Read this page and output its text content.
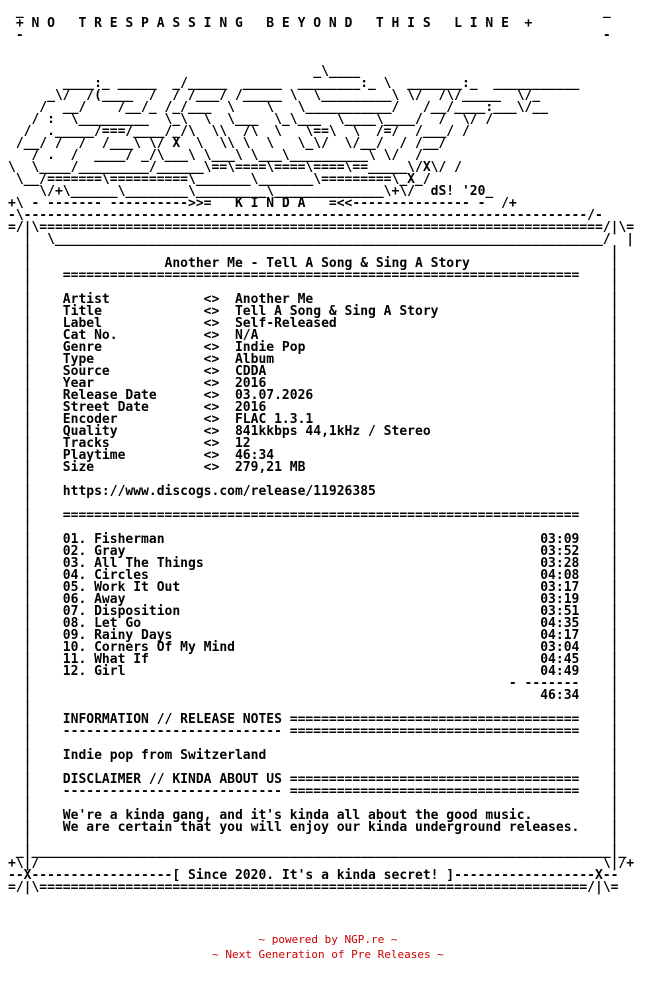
_                                                                          _
+ N O   T R E S P A S S I N G   B E Y O N D   T H I S   L I N E  +
-                                                                          -

_\____
____:_ _____  _/_____  _____  ________:_ \  _______:_  ___________
_\/  /(____  /  / /___/ /_____ \  \_________\ \/  /\/_____  \/_
/  __/    /__/_ /_/___  \    \   \___________/   /__/____:___\/__
/ :  \_________  \_\  \  \___  \_\___  \____\____/  /  \/ /
/  ._____/===/____/_/\  \\  /\  \   \==\  \  /=/  /___/ /
/__/ /  /  /___\ \/ X  \  \\ \  \   \_\/  \/__/  / /__/
/ .  /  ____/ _/\___\ \___\ \___\__________\ \/  /
\  \____/_________/______\==\====\====\====\==_____\/X\/ /
\__/=======\==========\_______\_______\=========\_X_/
\/+\______\________\_________\______________\+\/  dS! '20_
+\ - ------- ---------->>=   K I N D A   =<<--------------- -  /+
-\------------------------------------------------------------------------/-
=/|\========================================================================/|\=
|  \______________________________________________________________________/  |
|                                                                          |
|                 Another Me - Tell A Song & Sing A Story                  |
|    ==================================================================    |
|                                                                          |
|    Artist            <>  Another Me                                      |
|    Title             <>  Tell A Song & Sing A Story                      |
|    Label             <>  Self-Released                                   |
|    Cat No.           <>  N/A                                             |
|    Genre             <>  Indie Pop                                       |
|    Type              <>  Album                                           |
|    Source            <>  CDDA                                            |
|    Year              <>  2016                                            |
|    Release Date      <>  03.07.2026                                      |
|    Street Date       <>  2016                                            |
|    Encoder           <>  FLAC 1.3.1                                      |
|    Quality           <>  841kkbps 44,1kHz / Stereo                       |
|    Tracks            <>  12                                              |
|    Playtime          <>  46:34                                           |
|    Size              <>  279,21 MB                                       |
|                                                                          |
|    https://www.discogs.com/release/11926385                              |
|                                                                          |
|    ==================================================================    |
|                                                                          |
|    01. Fisherman                                                03:09    |
|    02. Gray                                                     03:52    |
|    03. All The Things                                           03:28    |
|    04. Circles                                                  04:08    |
|    05. Work It Out                                              03:17    |
|    06. Away                                                     03:19    |
|    07. Disposition                                              03:51    |
|    08. Let Go                                                   04:35    |
|    09. Rainy Days                                               04:17    |
|    10. Corners Of My Mind                                       03:04    |
|    11. What If                                                  04:45    |
|    12. Girl                                                     04:49    |
|                                                             - -------    |
|                                                                 46:34    |
|                                                                          |
|    INFORMATION // RELEASE NOTES =====================================    |
|    ---------------------------- =====================================    |
|                                                                          |
|    Indie pop from Switzerland                                            |
|                                                                          |
|    DISCLAIMER // KINDA ABOUT US =====================================    |
|    ---------------------------- =====================================    |
|                                                                          |
|    We're a kinda gang, and it's kinda all about the good music.          |
|    We are certain that you will enjoy our kinda underground releases.    |
|                                                                          |
_|__________________________________________________________________________|_
+\|/                                                                        \|/+
--X------------------[ Since 2020. It's a kinda secret! ]------------------X--
=/|\======================================================================/|\=
~ powered by NGP.re ~
~ Next Generation of Pre Releases ~
